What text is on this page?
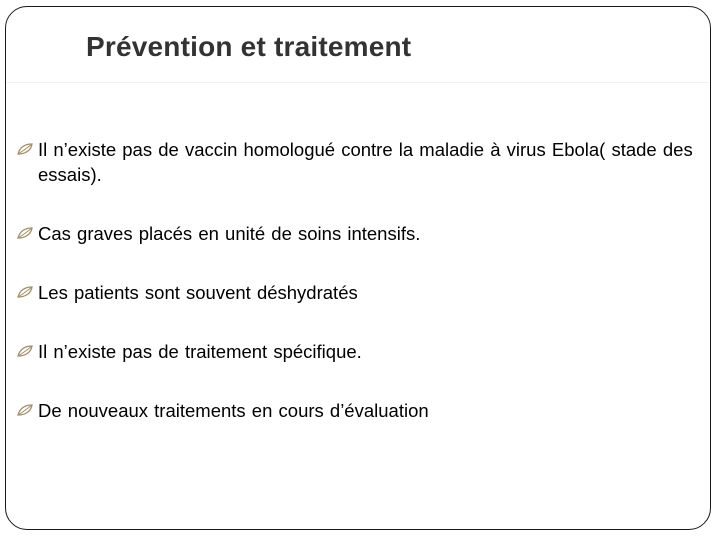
Prévention et traitement
Il n’existe pas de vaccin homologué contre la maladie à virus Ebola( stade des essais).
Cas graves placés en unité de soins intensifs.
Les patients sont souvent déshydratés
Il n’existe pas de traitement spécifique.
De nouveaux traitements en cours d’évaluation
